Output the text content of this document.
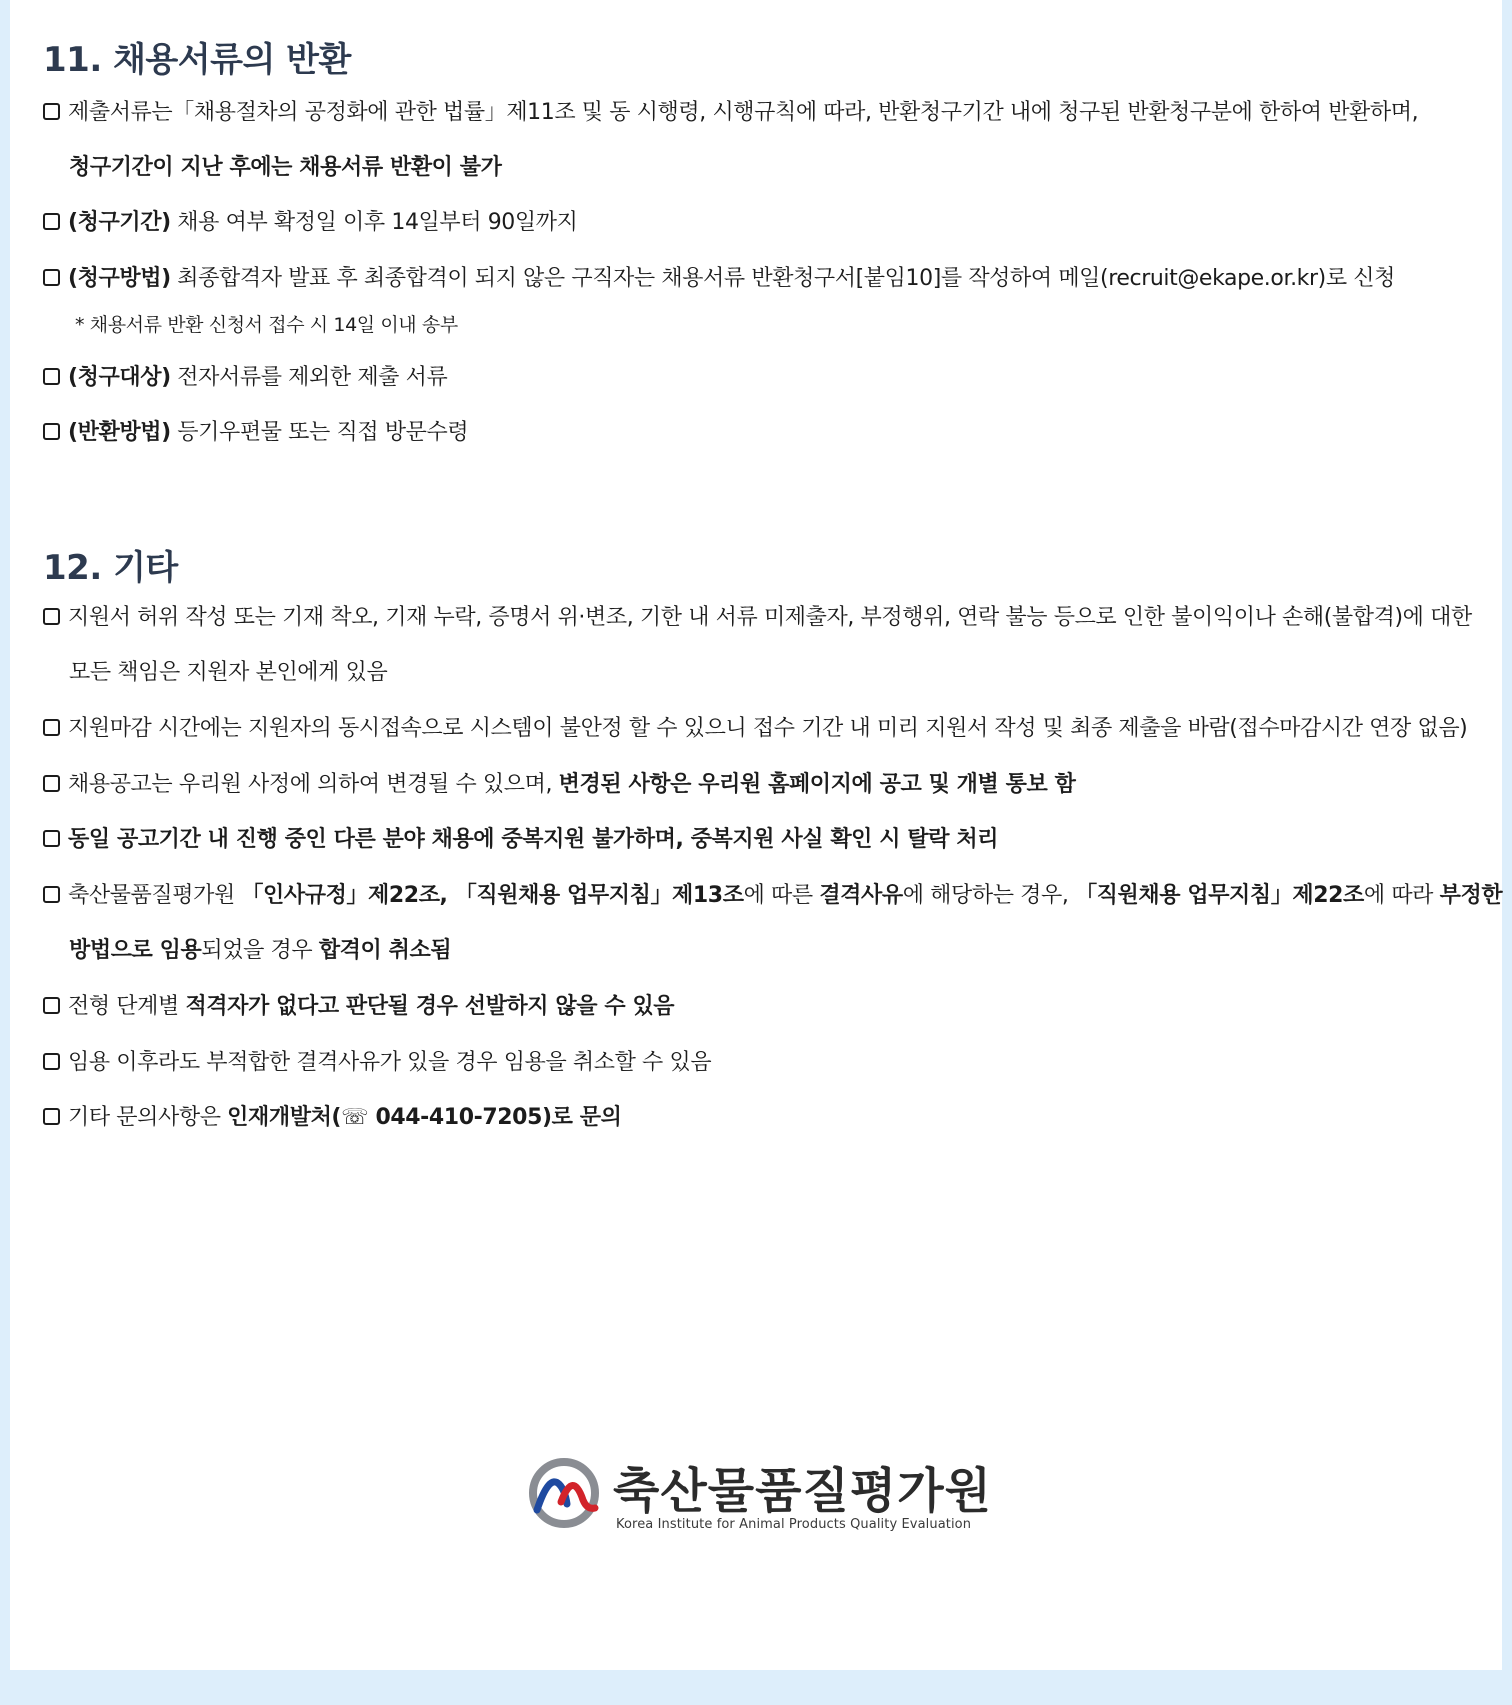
11. 채용서류의 반환
제출서류는「채용절차의 공정화에 관한 법률」제11조 및 동 시행령, 시행규칙에 따라, 반환청구기간 내에 청구된 반환청구분에 한하여 반환하며,
청구기간이 지난 후에는 채용서류 반환이 불가
(청구기간) 채용 여부 확정일 이후 14일부터 90일까지
(청구방법) 최종합격자 발표 후 최종합격이 되지 않은 구직자는 채용서류 반환청구서[붙임10]를 작성하여 메일(recruit@ekape.or.kr)로 신청
* 채용서류 반환 신청서 접수 시 14일 이내 송부
(청구대상) 전자서류를 제외한 제출 서류
(반환방법) 등기우편물 또는 직접 방문수령
12. 기타
지원서 허위 작성 또는 기재 착오, 기재 누락, 증명서 위·변조, 기한 내 서류 미제출자, 부정행위, 연락 불능 등으로 인한 불이익이나 손해(불합격)에 대한
모든 책임은 지원자 본인에게 있음
지원마감 시간에는 지원자의 동시접속으로 시스템이 불안정 할 수 있으니 접수 기간 내 미리 지원서 작성 및 최종 제출을 바람(접수마감시간 연장 없음)
채용공고는 우리원 사정에 의하여 변경될 수 있으며, 변경된 사항은 우리원 홈페이지에 공고 및 개별 통보 함
동일 공고기간 내 진행 중인 다른 분야 채용에 중복지원 불가하며, 중복지원 사실 확인 시 탈락 처리
축산물품질평가원 「인사규정」제22조, 「직원채용 업무지침」제13조에 따른 결격사유에 해당하는 경우, 「직원채용 업무지침」제22조에 따라 부정한
방법으로 임용되었을 경우 합격이 취소됨
전형 단계별 적격자가 없다고 판단될 경우 선발하지 않을 수 있음
임용 이후라도 부적합한 결격사유가 있을 경우 임용을 취소할 수 있음
기타 문의사항은 인재개발처(☏ 044-410-7205)로 문의

축산물품질평가원

Korea Institute for Animal Products Quality Evaluation
